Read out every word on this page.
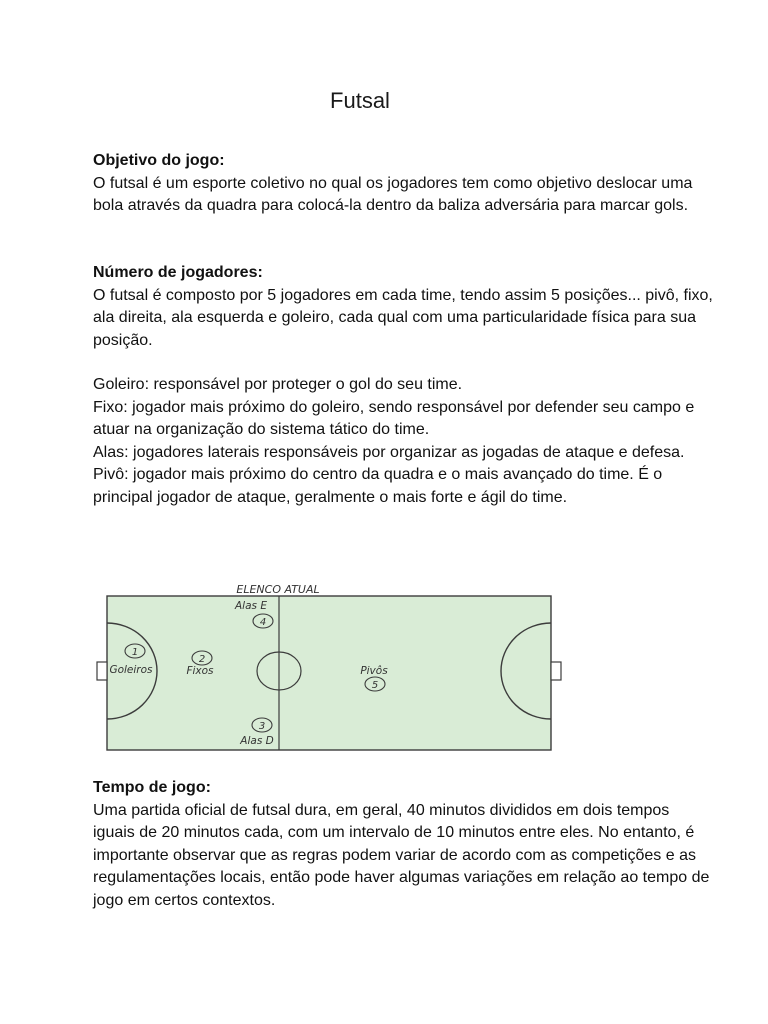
Futsal
Objetivo do jogo:

O futsal é um esporte coletivo no qual os jogadores tem como objetivo deslocar uma bola através da quadra para colocá-la dentro da baliza adversária para marcar gols.

Número de jogadores:

O futsal é composto por 5 jogadores em cada time, tendo assim 5 posições... pivô, fixo, ala direita, ala esquerda e goleiro, cada qual com uma particularidade física para sua posição.

Goleiro: responsável por proteger o gol do seu time.

Fixo: jogador mais próximo do goleiro, sendo responsável por defender seu campo e atuar na organização do sistema tático do time.

Alas: jogadores laterais responsáveis por organizar as jogadas de ataque e defesa.

Pivô: jogador mais próximo do centro da quadra e o mais avançado do time. É o principal jogador de ataque, geralmente o mais forte e ágil do time.

ELENCO ATUAL
1
Goleiros
2
Fixos
Alas E
4
3
Alas D
Pivôs
5
Tempo de jogo:

Uma partida oficial de futsal dura, em geral, 40 minutos divididos em dois tempos iguais de 20 minutos cada, com um intervalo de 10 minutos entre eles. No entanto, é importante observar que as regras podem variar de acordo com as competições e as regulamentações locais, então pode haver algumas variações em relação ao tempo de jogo em certos contextos.
